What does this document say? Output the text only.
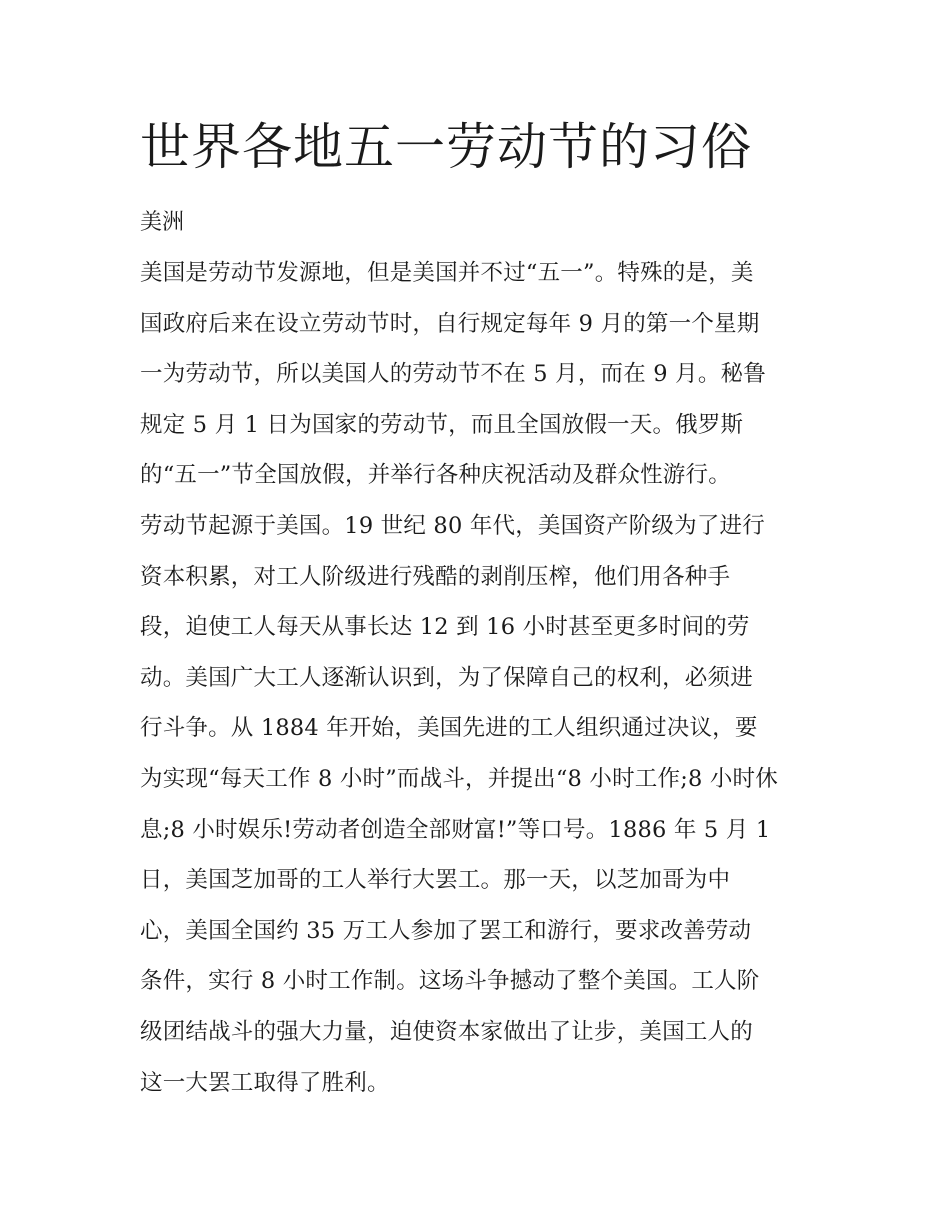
世界各地五一劳动节的习俗
美洲
美国是劳动节发源地，但是美国并不过“五一”。特殊的是，美
国政府后来在设立劳动节时，自行规定每年 9 月的第一个星期
一为劳动节，所以美国人的劳动节不在 5 月，而在 9 月。秘鲁
规定 5 月 1 日为国家的劳动节，而且全国放假一天。俄罗斯
的“五一”节全国放假，并举行各种庆祝活动及群众性游行。
劳动节起源于美国。19 世纪 80 年代，美国资产阶级为了进行
资本积累，对工人阶级进行残酷的剥削压榨，他们用各种手
段，迫使工人每天从事长达 12 到 16 小时甚至更多时间的劳
动。美国广大工人逐渐认识到，为了保障自己的权利，必须进
行斗争。从 1884 年开始，美国先进的工人组织通过决议，要
为实现“每天工作 8 小时”而战斗，并提出“8 小时工作;8 小时休
息;8 小时娱乐!劳动者创造全部财富!”等口号。1886 年 5 月 1
日，美国芝加哥的工人举行大罢工。那一天，以芝加哥为中
心，美国全国约 35 万工人参加了罢工和游行，要求改善劳动
条件，实行 8 小时工作制。这场斗争撼动了整个美国。工人阶
级团结战斗的强大力量，迫使资本家做出了让步，美国工人的
这一大罢工取得了胜利。
